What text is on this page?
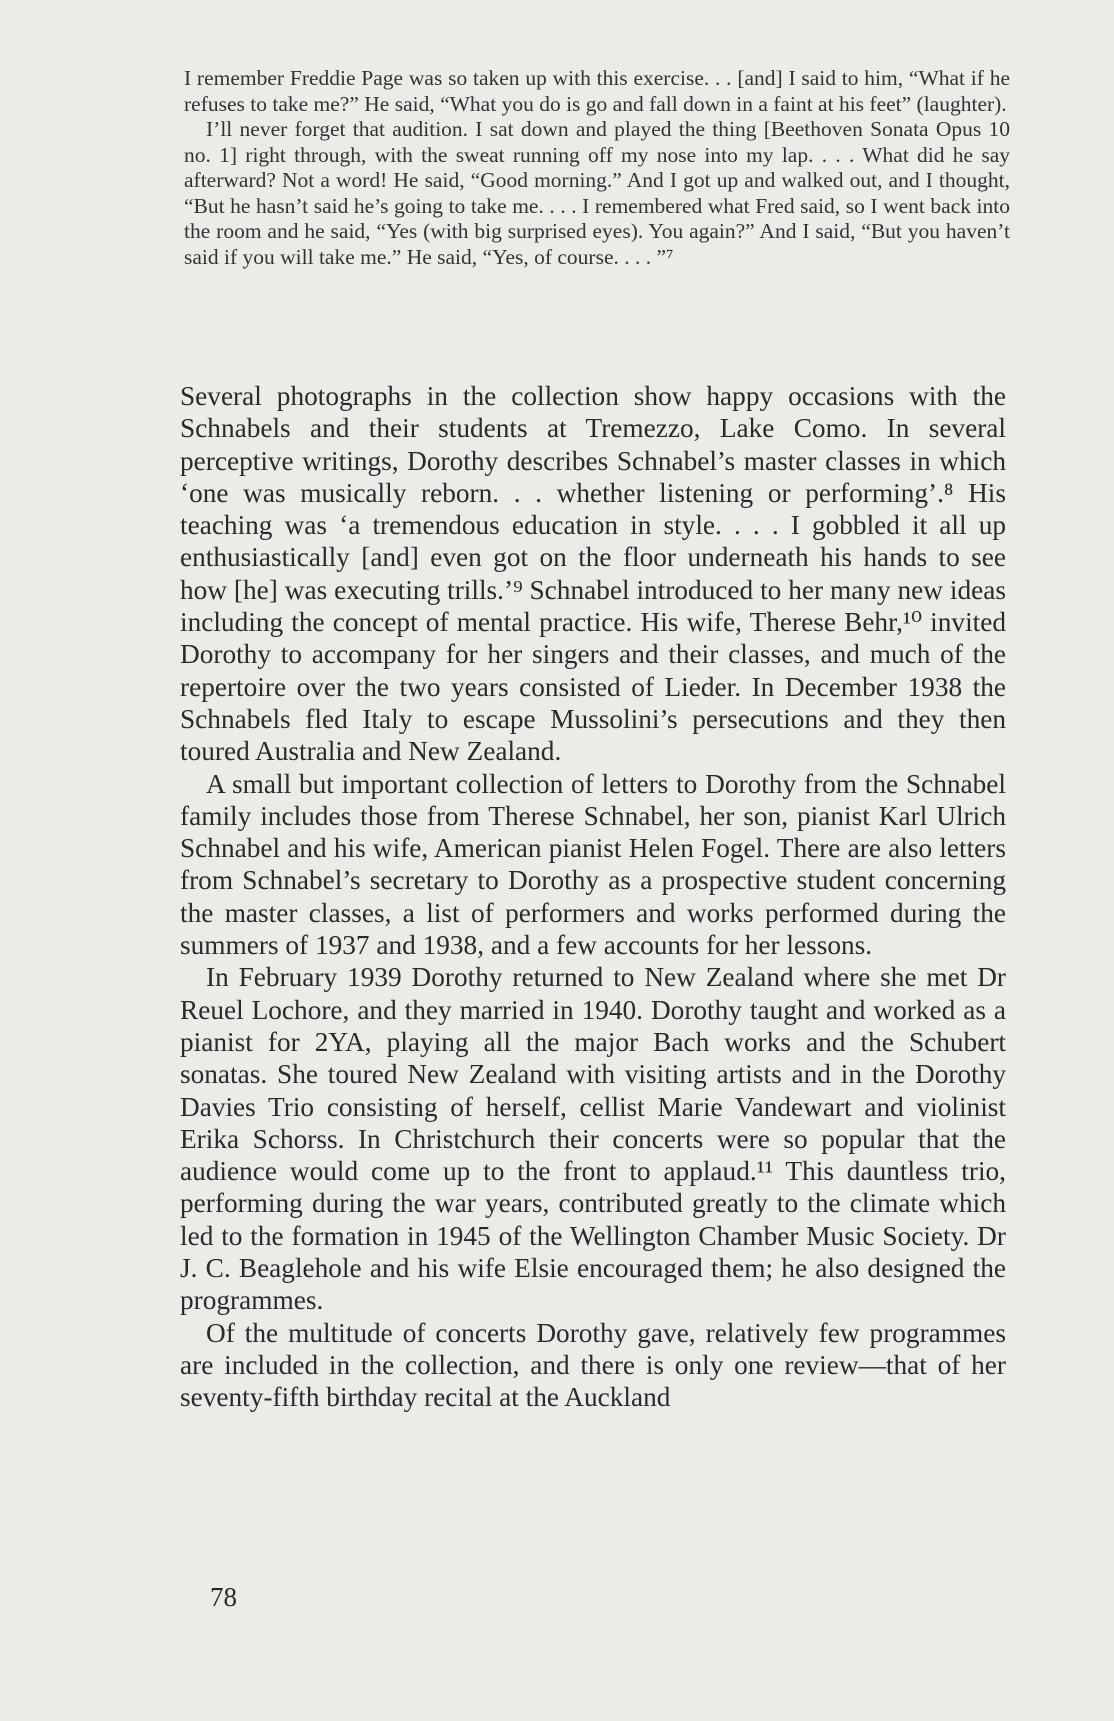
I remember Freddie Page was so taken up with this exercise. . . [and] I said to him, “What if he refuses to take me?” He said, “What you do is go and fall down in a faint at his feet” (laughter).

I’ll never forget that audition. I sat down and played the thing [Beethoven Sonata Opus 10 no. 1] right through, with the sweat running off my nose into my lap. . . . What did he say afterward? Not a word! He said, “Good morning.” And I got up and walked out, and I thought, “But he hasn’t said he’s going to take me. . . . I remembered what Fred said, so I went back into the room and he said, “Yes (with big surprised eyes). You again?” And I said, “But you haven’t said if you will take me.” He said, “Yes, of course. . . . ”⁷

Several photographs in the collection show happy occasions with the Schnabels and their students at Tremezzo, Lake Como. In several perceptive writings, Dorothy describes Schnabel’s master classes in which ‘one was musically reborn. . . whether listening or performing’.⁸ His teaching was ‘a tremendous education in style. . . . I gobbled it all up enthusiastically [and] even got on the floor underneath his hands to see how [he] was executing trills.’⁹ Schnabel introduced to her many new ideas including the concept of mental practice. His wife, Therese Behr,¹⁰ invited Dorothy to accompany for her singers and their classes, and much of the repertoire over the two years consisted of Lieder. In December 1938 the Schnabels fled Italy to escape Mussolini’s persecutions and they then toured Australia and New Zealand.

A small but important collection of letters to Dorothy from the Schnabel family includes those from Therese Schnabel, her son, pianist Karl Ulrich Schnabel and his wife, American pianist Helen Fogel. There are also letters from Schnabel’s secretary to Dorothy as a prospective student concerning the master classes, a list of performers and works performed during the summers of 1937 and 1938, and a few accounts for her lessons.

In February 1939 Dorothy returned to New Zealand where she met Dr Reuel Lochore, and they married in 1940. Dorothy taught and worked as a pianist for 2YA, playing all the major Bach works and the Schubert sonatas. She toured New Zealand with visiting artists and in the Dorothy Davies Trio consisting of herself, cellist Marie Vandewart and violinist Erika Schorss. In Christchurch their concerts were so popular that the audience would come up to the front to applaud.¹¹ This dauntless trio, performing during the war years, contributed greatly to the climate which led to the formation in 1945 of the Wellington Chamber Music Society. Dr J. C. Beaglehole and his wife Elsie encouraged them; he also designed the programmes.

Of the multitude of concerts Dorothy gave, relatively few programmes are included in the collection, and there is only one review—that of her seventy-fifth birthday recital at the Auckland

78
